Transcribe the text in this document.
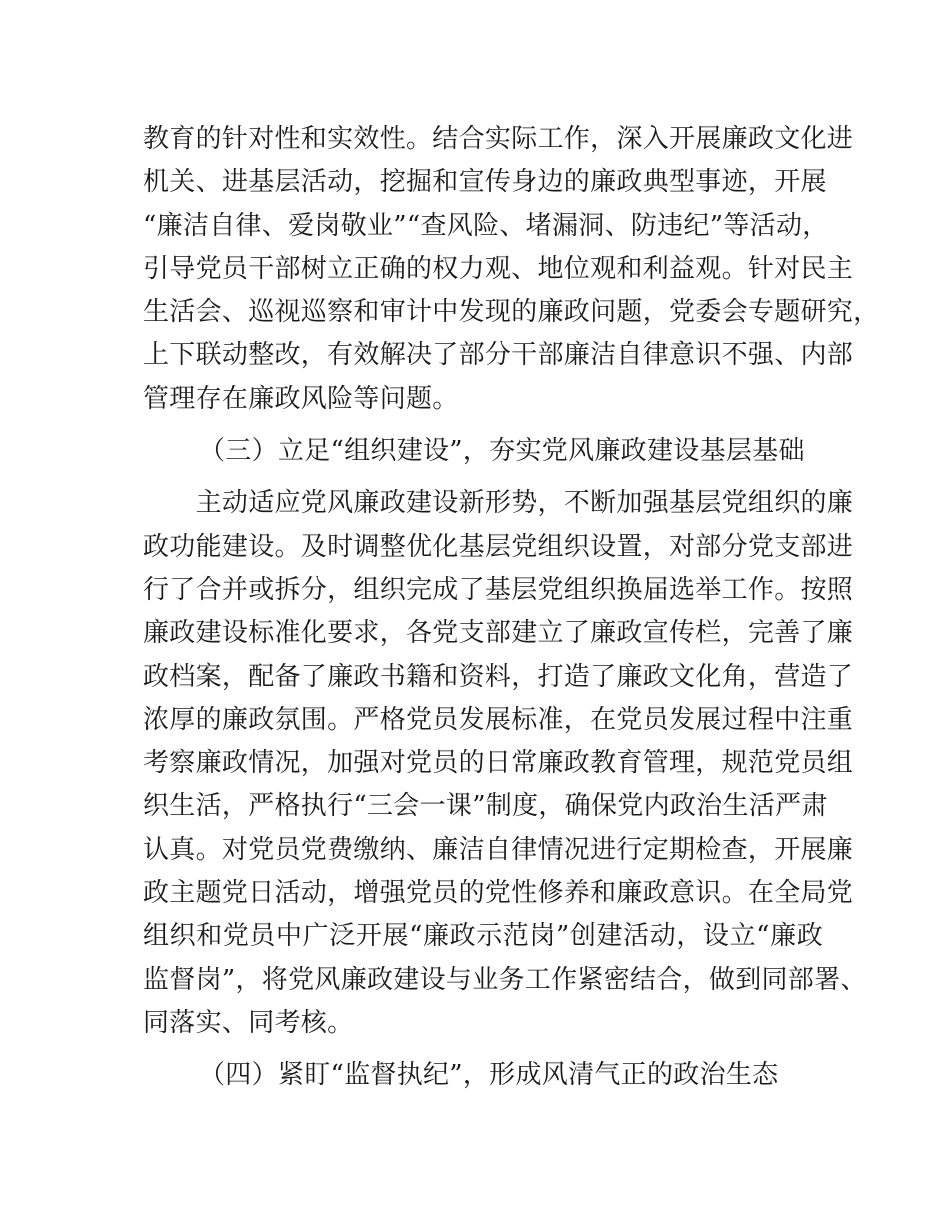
教育的针对性和实效性。结合实际工作，深入开展廉政文化进
机关、进基层活动，挖掘和宣传身边的廉政典型事迹，开展
“廉洁自律、爱岗敬业”“查风险、堵漏洞、防违纪”等活动，
引导党员干部树立正确的权力观、地位观和利益观。针对民主
生活会、巡视巡察和审计中发现的廉政问题，党委会专题研究，
上下联动整改，有效解决了部分干部廉洁自律意识不强、内部
管理存在廉政风险等问题。
（三）立足“组织建设”，夯实党风廉政建设基层基础
　　主动适应党风廉政建设新形势，不断加强基层党组织的廉
政功能建设。及时调整优化基层党组织设置，对部分党支部进
行了合并或拆分，组织完成了基层党组织换届选举工作。按照
廉政建设标准化要求，各党支部建立了廉政宣传栏，完善了廉
政档案，配备了廉政书籍和资料，打造了廉政文化角，营造了
浓厚的廉政氛围。严格党员发展标准，在党员发展过程中注重
考察廉政情况，加强对党员的日常廉政教育管理，规范党员组
织生活，严格执行“三会一课”制度，确保党内政治生活严肃
认真。对党员党费缴纳、廉洁自律情况进行定期检查，开展廉
政主题党日活动，增强党员的党性修养和廉政意识。在全局党
组织和党员中广泛开展“廉政示范岗”创建活动，设立“廉政
监督岗”，将党风廉政建设与业务工作紧密结合，做到同部署、
同落实、同考核。
（四）紧盯“监督执纪”，形成风清气正的政治生态
